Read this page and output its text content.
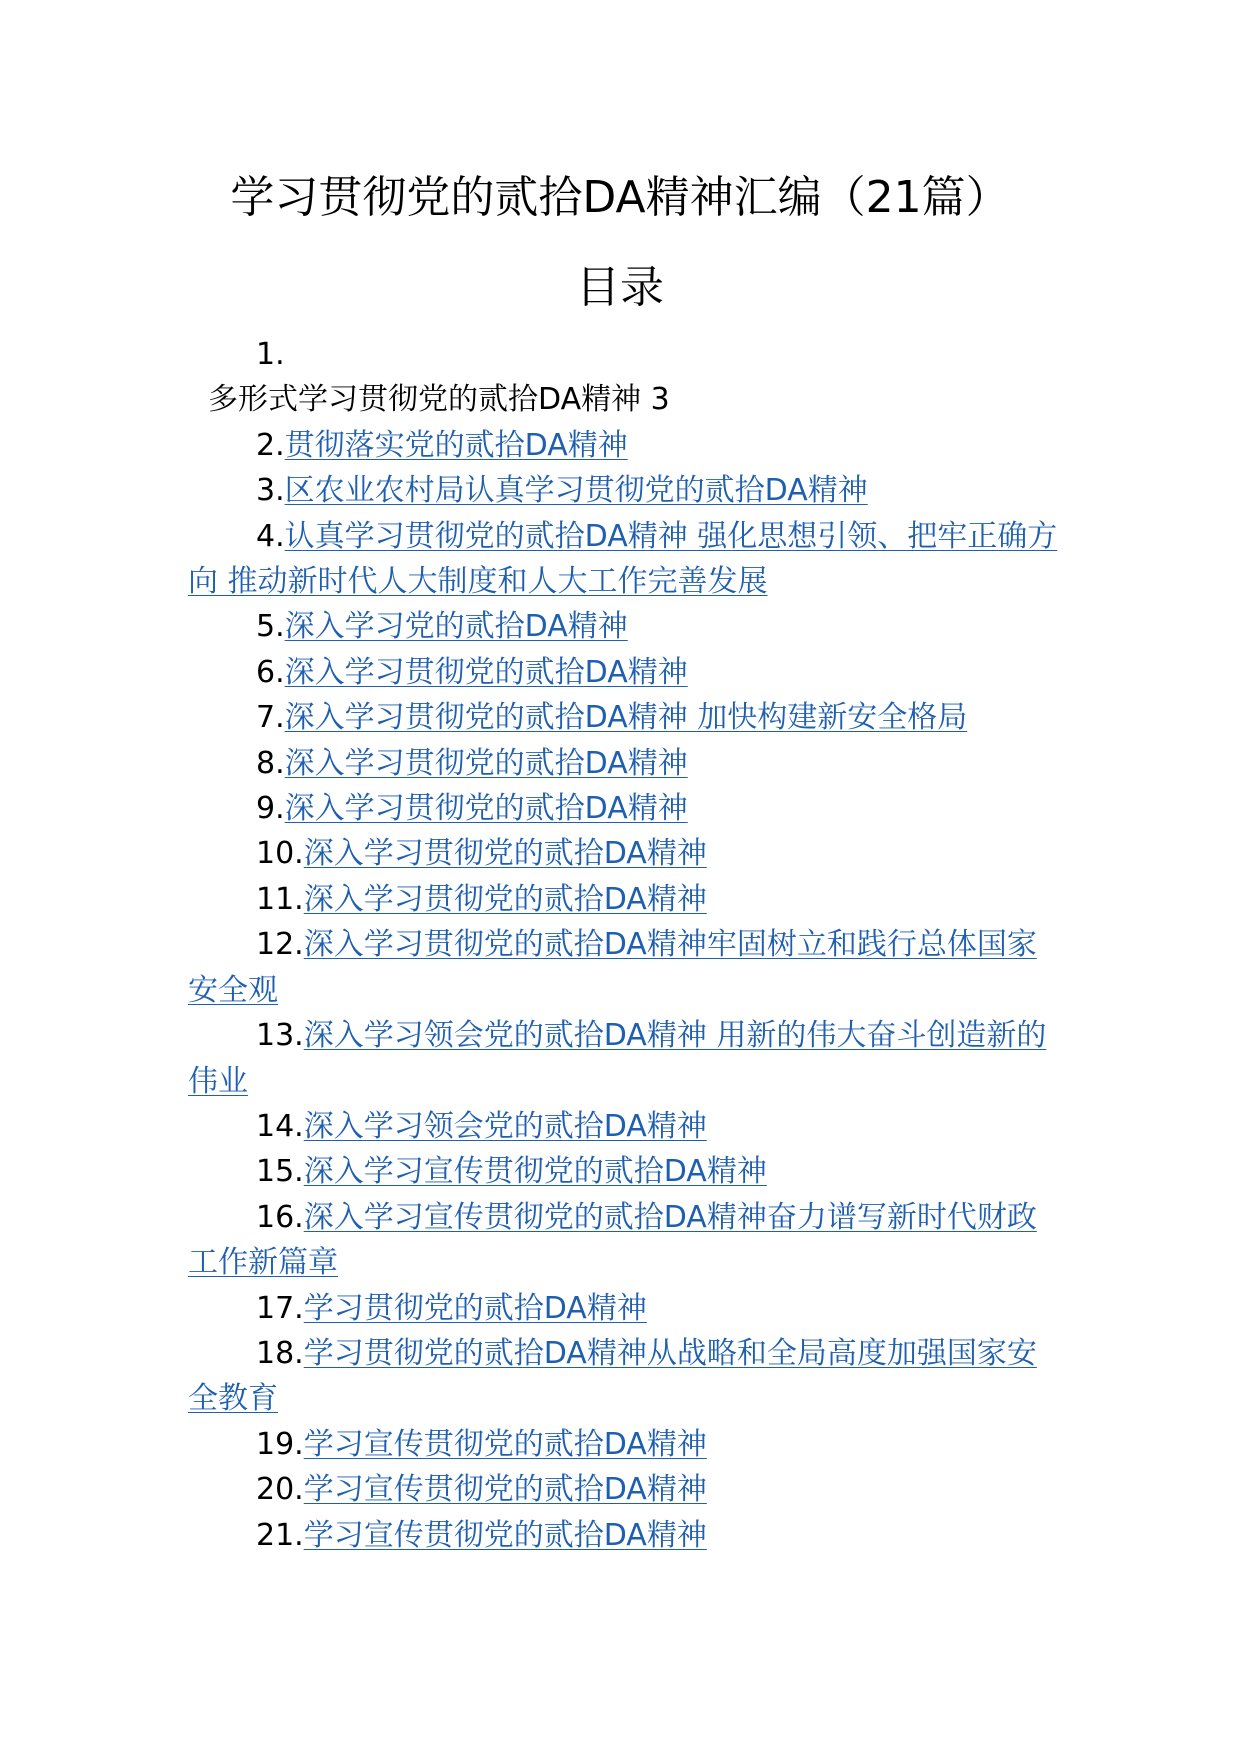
学习贯彻党的贰拾DA精神汇编（21篇）
目录
1.
多形式学习贯彻党的贰拾DA精神 3
2.贯彻落实党的贰拾DA精神
3.区农业农村局认真学习贯彻党的贰拾DA精神
4.认真学习贯彻党的贰拾DA精神 强化思想引领、把牢正确方向 推动新时代人大制度和人大工作完善发展
5.深入学习党的贰拾DA精神
6.深入学习贯彻党的贰拾DA精神
7.深入学习贯彻党的贰拾DA精神 加快构建新安全格局
8.深入学习贯彻党的贰拾DA精神
9.深入学习贯彻党的贰拾DA精神
10.深入学习贯彻党的贰拾DA精神
11.深入学习贯彻党的贰拾DA精神
12.深入学习贯彻党的贰拾DA精神牢固树立和践行总体国家安全观
13.深入学习领会党的贰拾DA精神 用新的伟大奋斗创造新的伟业
14.深入学习领会党的贰拾DA精神
15.深入学习宣传贯彻党的贰拾DA精神
16.深入学习宣传贯彻党的贰拾DA精神奋力谱写新时代财政工作新篇章
17.学习贯彻党的贰拾DA精神
18.学习贯彻党的贰拾DA精神从战略和全局高度加强国家安全教育
19.学习宣传贯彻党的贰拾DA精神
20.学习宣传贯彻党的贰拾DA精神
21.学习宣传贯彻党的贰拾DA精神
